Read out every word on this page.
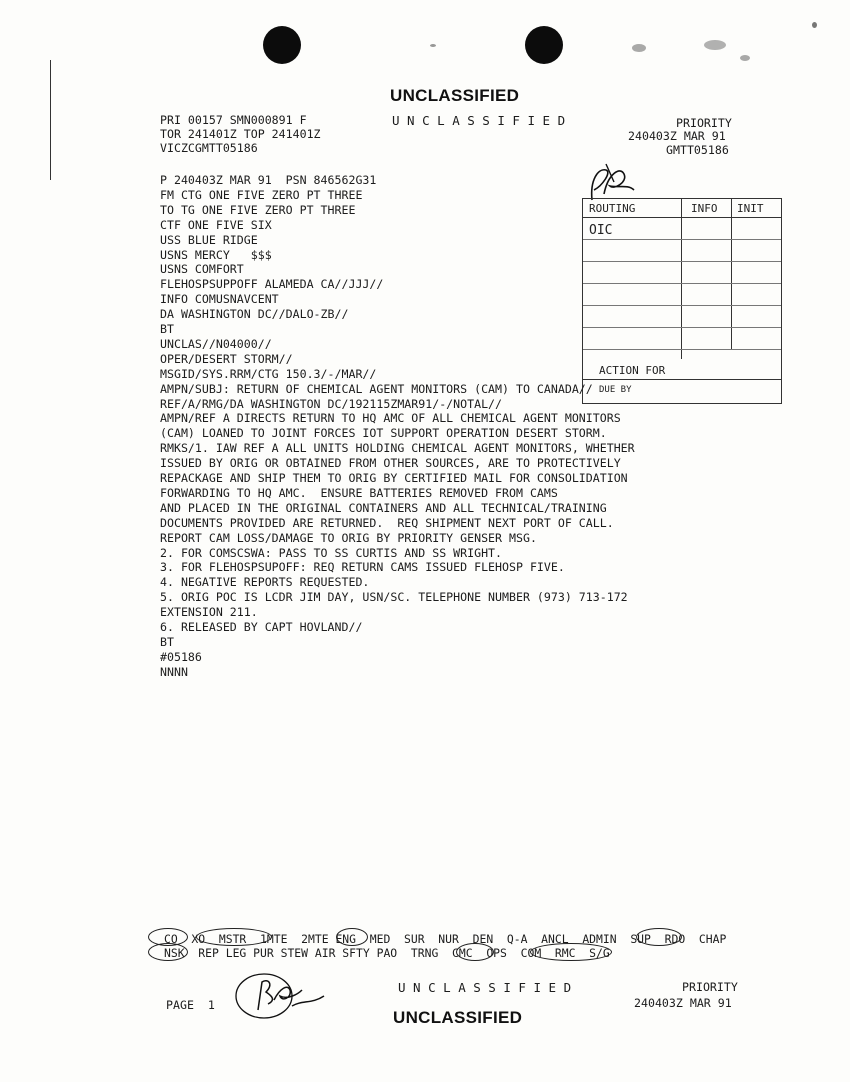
UNCLASSIFIED
PRI 00157 SMN000891 F	U N C L A S S I F I E D	PRIORITY
TOR 241401Z TOP 241401Z	240403Z MAR 91
VICZCGMTT05186	GMTT05186
ROUTING	INFO INIT
OIC
ACTION FOR
DUE BY
P 240403Z MAR 91  PSN 846562G31
FM CTG ONE FIVE ZERO PT THREE
TO TG ONE FIVE ZERO PT THREE
CTF ONE FIVE SIX
USS BLUE RIDGE
USNS MERCY   $$$
USNS COMFORT
FLEHOSPSUPPOFF ALAMEDA CA//JJJ//
INFO COMUSNAVCENT
DA WASHINGTON DC//DALO-ZB//
BT
UNCLAS//N04000//
OPER/DESERT STORM//
MSGID/SYS.RRM/CTG 150.3/-/MAR//
AMPN/SUBJ: RETURN OF CHEMICAL AGENT MONITORS (CAM) TO CANADA//
REF/A/RMG/DA WASHINGTON DC/192115ZMAR91/-/NOTAL//
AMPN/REF A DIRECTS RETURN TO HQ AMC OF ALL CHEMICAL AGENT MONITORS
(CAM) LOANED TO JOINT FORCES IOT SUPPORT OPERATION DESERT STORM.
RMKS/1. IAW REF A ALL UNITS HOLDING CHEMICAL AGENT MONITORS, WHETHER
ISSUED BY ORIG OR OBTAINED FROM OTHER SOURCES, ARE TO PROTECTIVELY
REPACKAGE AND SHIP THEM TO ORIG BY CERTIFIED MAIL FOR CONSOLIDATION
FORWARDING TO HQ AMC.  ENSURE BATTERIES REMOVED FROM CAMS
AND PLACED IN THE ORIGINAL CONTAINERS AND ALL TECHNICAL/TRAINING
DOCUMENTS PROVIDED ARE RETURNED.  REQ SHIPMENT NEXT PORT OF CALL.
REPORT CAM LOSS/DAMAGE TO ORIG BY PRIORITY GENSER MSG.
2. FOR COMSCSWA: PASS TO SS CURTIS AND SS WRIGHT.
3. FOR FLEHOSPSUPOFF: REQ RETURN CAMS ISSUED FLEHOSP FIVE.
4. NEGATIVE REPORTS REQUESTED.
5. ORIG POC IS LCDR JIM DAY, USN/SC. TELEPHONE NUMBER (973) 713-172
EXTENSION 211.
6. RELEASED BY CAPT HOVLAND//
BT
#05186
NNNN
CO  XO  MSTR  1MTE  2MTE ENG  MED  SUR  NUR  DEN  Q-A  ANCL  ADMIN  SUP  RDO  CHAP
NSK  REP LEG PUR STEW AIR SFTY PAO  TRNG  CMC  OPS  COM  RMC  S/G
PAGE  1
U N C L A S S I F I E D	PRIORITY
240403Z MAR 91
UNCLASSIFIED
